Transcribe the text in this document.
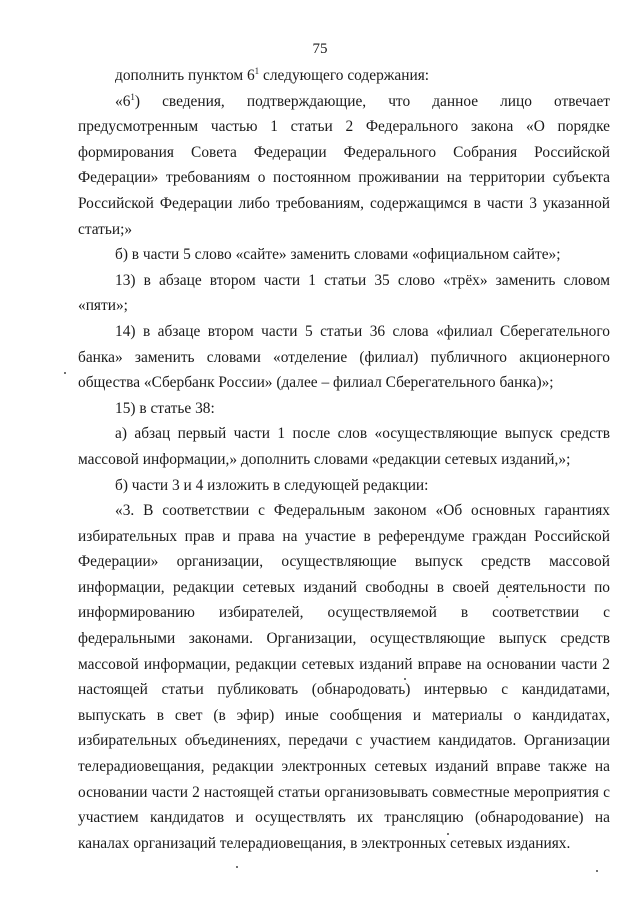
75

дополнить пунктом $6^1$ следующего содержания:

«$6^1$) сведения, подтверждающие, что данное лицо отвечает предусмотренным частью 1 статьи 2 Федерального закона «О порядке формирования Совета Федерации Федерального Собрания Российской Федерации» требованиям о постоянном проживании на территории субъекта Российской Федерации либо требованиям, содержащимся в части 3 указанной статьи;»

б) в части 5 слово «сайте» заменить словами «официальном сайте»;

13) в абзаце втором части 1 статьи 35 слово «трёх» заменить словом «пяти»;

14) в абзаце втором части 5 статьи 36 слова «филиал Сберегательного банка» заменить словами «отделение (филиал) публичного акционерного общества «Сбербанк России» (далее – филиал Сберегательного банка)»;

15) в статье 38:

а) абзац первый части 1 после слов «осуществляющие выпуск средств массовой информации,» дополнить словами «редакции сетевых изданий,»;

б) части 3 и 4 изложить в следующей редакции:

«3. В соответствии с Федеральным законом «Об основных гарантиях избирательных прав и права на участие в референдуме граждан Российской Федерации» организации, осуществляющие выпуск средств массовой информации, редакции сетевых изданий свободны в своей деятельности по информированию избирателей, осуществляемой в соответствии с федеральными законами. Организации, осуществляющие выпуск средств массовой информации, редакции сетевых изданий вправе на основании части 2 настоящей статьи публиковать (обнародовать) интервью с кандидатами, выпускать в свет (в эфир) иные сообщения и материалы о кандидатах, избирательных объединениях, передачи с участием кандидатов. Организации телерадиовещания, редакции электронных сетевых изданий вправе также на основании части 2 настоящей статьи организовывать совместные мероприятия с участием кандидатов и осуществлять их трансляцию (обнародование) на каналах организаций телерадиовещания, в электронных сетевых изданиях.
